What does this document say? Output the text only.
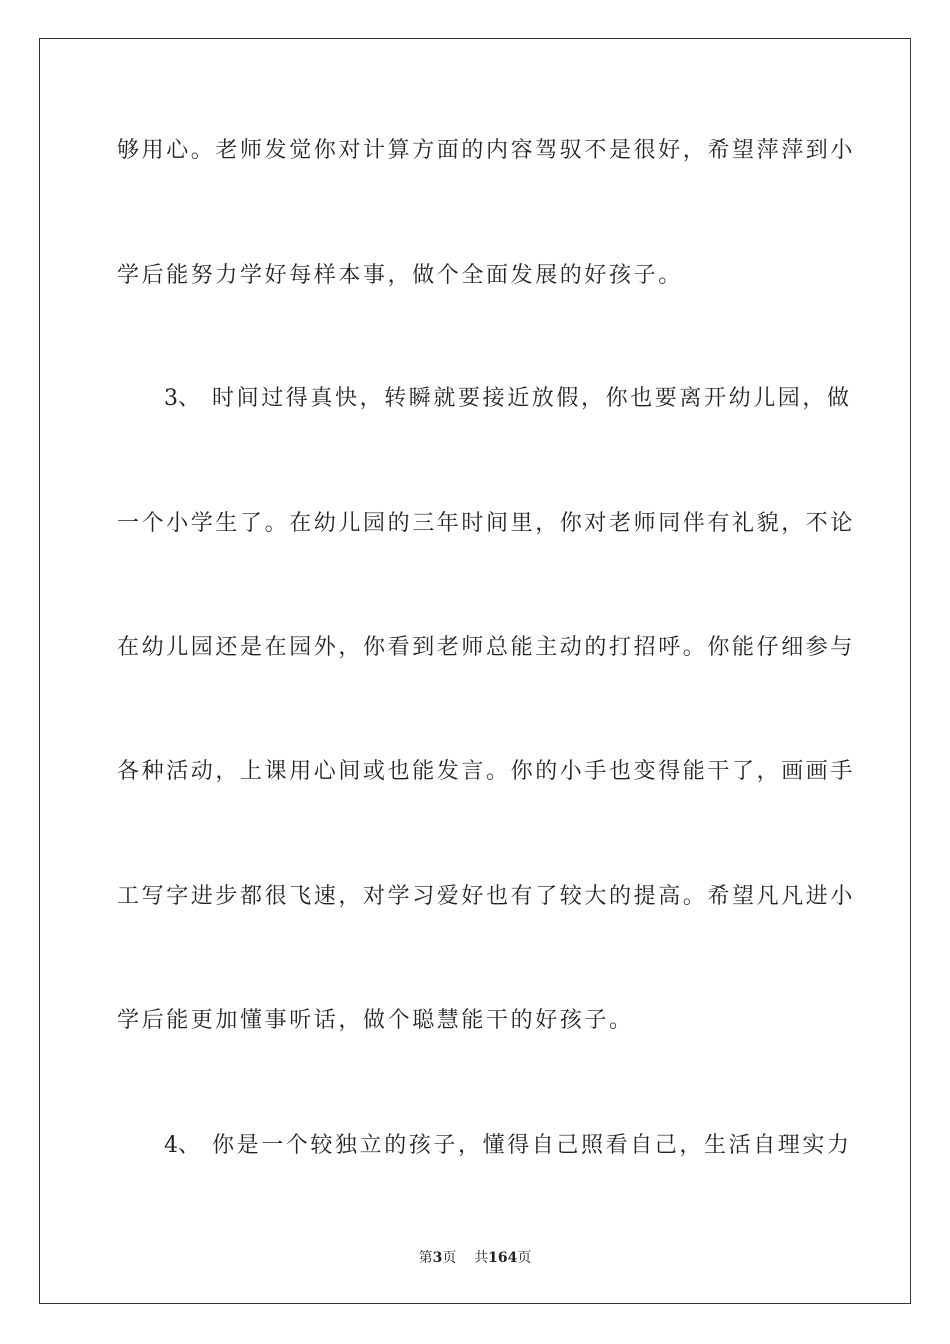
够用心。老师发觉你对计算方面的内容驾驭不是很好，希望萍萍到小
学后能努力学好每样本事，做个全面发展的好孩子。
3、 时间过得真快，转瞬就要接近放假，你也要离开幼儿园，做
一个小学生了。在幼儿园的三年时间里，你对老师同伴有礼貌，不论
在幼儿园还是在园外，你看到老师总能主动的打招呼。你能仔细参与
各种活动，上课用心间或也能发言。你的小手也变得能干了，画画手
工写字进步都很飞速，对学习爱好也有了较大的提高。希望凡凡进小
学后能更加懂事听话，做个聪慧能干的好孩子。
4、 你是一个较独立的孩子，懂得自己照看自己，生活自理实力
第3页 共164页
